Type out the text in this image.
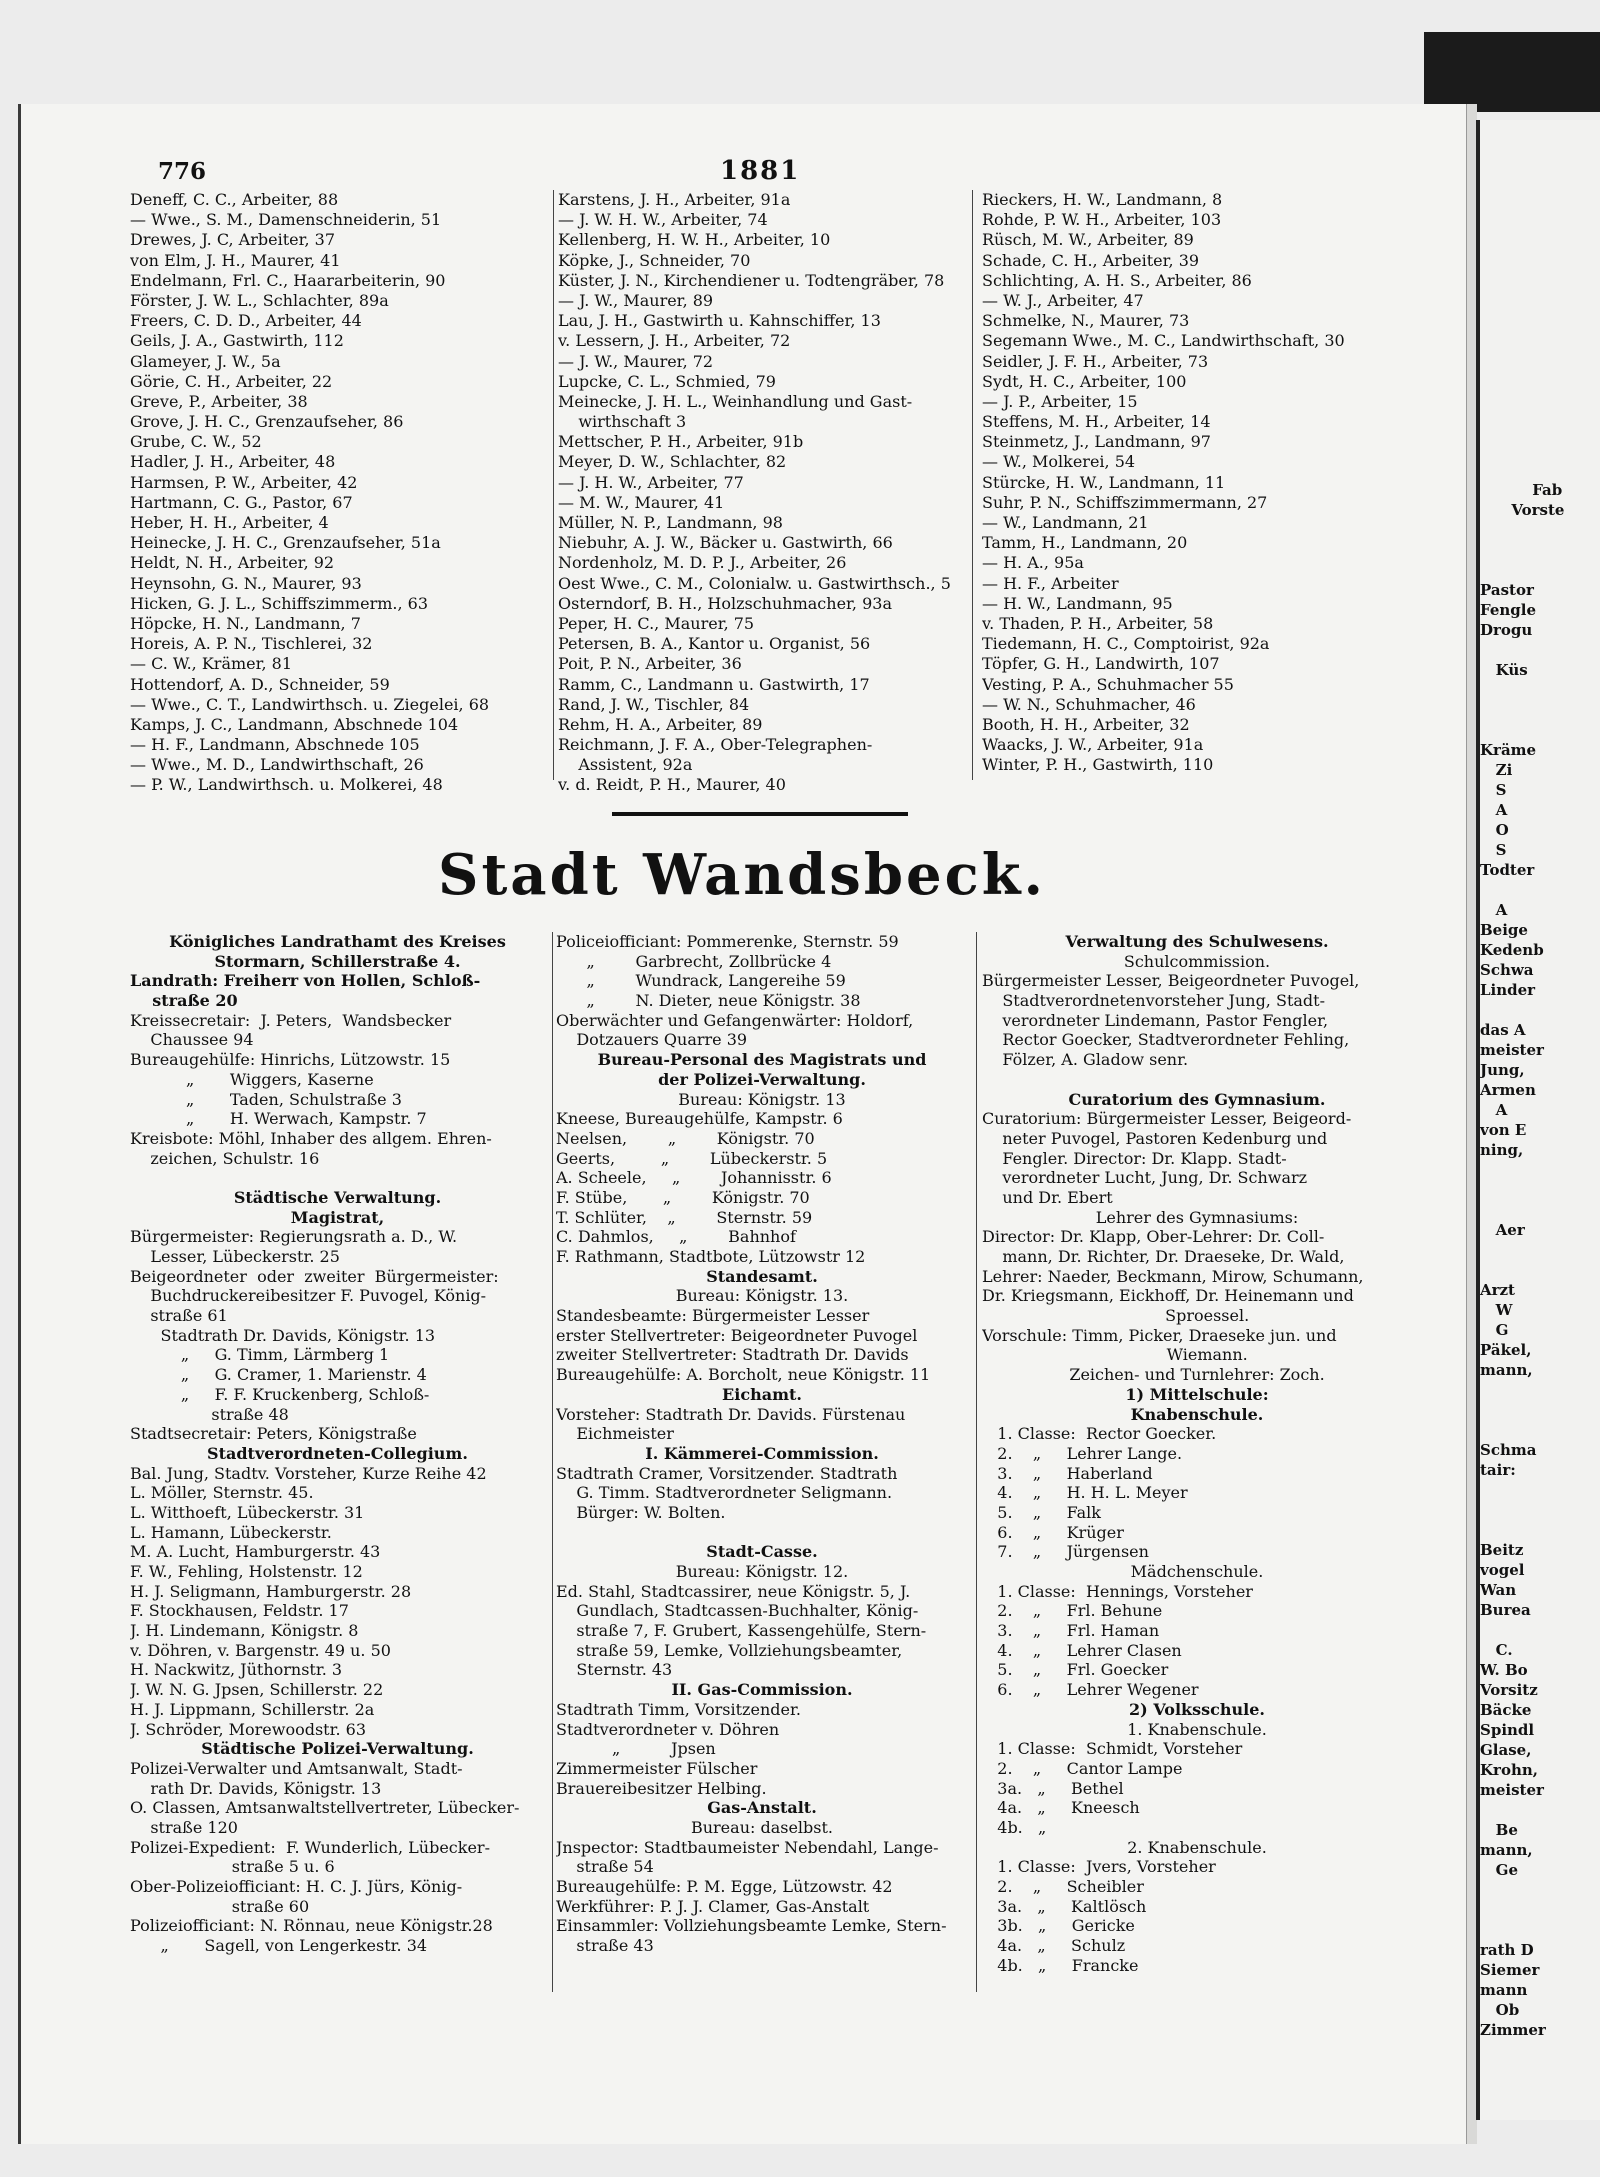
Fab
Vorste
Pastor
Fengle
Drogu
Küs
Kräme
Zi
S
A
O
S
Todter
A
Beige
Kedenb
Schwa
Linder

das A
meister
Jung,
Armen
A
von E
ning,
Aer
Arzt
W
G
Päkel,
mann,
Schma
tair:
Beitz
vogel
Wan
Burea
C.
W. Bo
Vorsitz
Bäcke
Spindl
Glase,
Krohn,
meister
Be
mann,
Ge
rath D
Siemer
mann
Ob
Zimmer
776	1881
Deneff, C. C., Arbeiter, 88
— Wwe., S. M., Damenschneiderin, 51
Drewes, J. C, Arbeiter, 37
von Elm, J. H., Maurer, 41
Endelmann, Frl. C., Haararbeiterin, 90
Förster, J. W. L., Schlachter, 89a
Freers, C. D. D., Arbeiter, 44
Geils, J. A., Gastwirth, 112
Glameyer, J. W., 5a
Görie, C. H., Arbeiter, 22
Greve, P., Arbeiter, 38
Grove, J. H. C., Grenzaufseher, 86
Grube, C. W., 52
Hadler, J. H., Arbeiter, 48
Harmsen, P. W., Arbeiter, 42
Hartmann, C. G., Pastor, 67
Heber, H. H., Arbeiter, 4
Heinecke, J. H. C., Grenzaufseher, 51a
Heldt, N. H., Arbeiter, 92
Heynsohn, G. N., Maurer, 93
Hicken, G. J. L., Schiffszimmerm., 63
Höpcke, H. N., Landmann, 7
Horeis, A. P. N., Tischlerei, 32
— C. W., Krämer, 81
Hottendorf, A. D., Schneider, 59
— Wwe., C. T., Landwirthsch. u. Ziegelei, 68
Kamps, J. C., Landmann, Abschnede 104
— H. F., Landmann, Abschnede 105
— Wwe., M. D., Landwirthschaft, 26
— P. W., Landwirthsch. u. Molkerei, 48
Karstens, J. H., Arbeiter, 91a
— J. W. H. W., Arbeiter, 74
Kellenberg, H. W. H., Arbeiter, 10
Köpke, J., Schneider, 70
Küster, J. N., Kirchendiener u. Todtengräber, 78
— J. W., Maurer, 89
Lau, J. H., Gastwirth u. Kahnschiffer, 13
v. Lessern, J. H., Arbeiter, 72
— J. W., Maurer, 72
Lupcke, C. L., Schmied, 79
Meinecke, J. H. L., Weinhandlung und Gast-
wirthschaft 3
Mettscher, P. H., Arbeiter, 91b
Meyer, D. W., Schlachter, 82
— J. H. W., Arbeiter, 77
— M. W., Maurer, 41
Müller, N. P., Landmann, 98
Niebuhr, A. J. W., Bäcker u. Gastwirth, 66
Nordenholz, M. D. P. J., Arbeiter, 26
Oest Wwe., C. M., Colonialw. u. Gastwirthsch., 5
Osterndorf, B. H., Holzschuhmacher, 93a
Peper, H. C., Maurer, 75
Petersen, B. A., Kantor u. Organist, 56
Poit, P. N., Arbeiter, 36
Ramm, C., Landmann u. Gastwirth, 17
Rand, J. W., Tischler, 84
Rehm, H. A., Arbeiter, 89
Reichmann, J. F. A., Ober-Telegraphen-
Assistent, 92a
v. d. Reidt, P. H., Maurer, 40
Rieckers, H. W., Landmann, 8
Rohde, P. W. H., Arbeiter, 103
Rüsch, M. W., Arbeiter, 89
Schade, C. H., Arbeiter, 39
Schlichting, A. H. S., Arbeiter, 86
— W. J., Arbeiter, 47
Schmelke, N., Maurer, 73
Segemann Wwe., M. C., Landwirthschaft, 30
Seidler, J. F. H., Arbeiter, 73
Sydt, H. C., Arbeiter, 100
— J. P., Arbeiter, 15
Steffens, M. H., Arbeiter, 14
Steinmetz, J., Landmann, 97
— W., Molkerei, 54
Stürcke, H. W., Landmann, 11
Suhr, P. N., Schiffszimmermann, 27
— W., Landmann, 21
Tamm, H., Landmann, 20
— H. A., 95a
— H. F., Arbeiter
— H. W., Landmann, 95
v. Thaden, P. H., Arbeiter, 58
Tiedemann, H. C., Comptoirist, 92a
Töpfer, G. H., Landwirth, 107
Vesting, P. A., Schuhmacher 55
— W. N., Schuhmacher, 46
Booth, H. H., Arbeiter, 32
Waacks, J. W., Arbeiter, 91a
Winter, P. H., Gastwirth, 110
Stadt Wandsbeck.
Königliches Landrathamt des Kreises
Stormarn, Schillerstraße 4.
Landrath: Freiherr von Hollen, Schloß-
straße 20
Kreissecretair:  J. Peters,  Wandsbecker
Chaussee 94
Bureaugehülfe: Hinrichs, Lützowstr. 15
„       Wiggers, Kaserne
„       Taden, Schulstraße 3
„       H. Werwach, Kampstr. 7
Kreisbote: Möhl, Inhaber des allgem. Ehren-
zeichen, Schulstr. 16
Städtische Verwaltung.
Magistrat,
Bürgermeister: Regierungsrath a. D., W.
Lesser, Lübeckerstr. 25
Beigeordneter  oder  zweiter  Bürgermeister:
Buchdruckereibesitzer F. Puvogel, König-
straße 61
Stadtrath Dr. Davids, Königstr. 13
„     G. Timm, Lärmberg 1
„     G. Cramer, 1. Marienstr. 4
„     F. F. Kruckenberg, Schloß-
straße 48
Stadtsecretair: Peters, Königstraße
Stadtverordneten-Collegium.
Bal. Jung, Stadtv. Vorsteher, Kurze Reihe 42
L. Möller, Sternstr. 45.
L. Witthoeft, Lübeckerstr. 31
L. Hamann, Lübeckerstr.
M. A. Lucht, Hamburgerstr. 43
F. W., Fehling, Holstenstr. 12
H. J. Seligmann, Hamburgerstr. 28
F. Stockhausen, Feldstr. 17
J. H. Lindemann, Königstr. 8
v. Döhren, v. Bargenstr. 49 u. 50
H. Nackwitz, Jüthornstr. 3
J. W. N. G. Jpsen, Schillerstr. 22
H. J. Lippmann, Schillerstr. 2a
J. Schröder, Morewoodstr. 63
Städtische Polizei-Verwaltung.
Polizei-Verwalter und Amtsanwalt, Stadt-
rath Dr. Davids, Königstr. 13
O. Classen, Amtsanwaltstellvertreter, Lübecker-
straße 120
Polizei-Expedient:  F. Wunderlich, Lübecker-
straße 5 u. 6
Ober-Polizeiofficiant: H. C. J. Jürs, König-
straße 60
Polizeiofficiant: N. Rönnau, neue Königstr.28
„       Sagell, von Lengerkestr. 34
Policeiofficiant: Pommerenke, Sternstr. 59
„        Garbrecht, Zollbrücke 4
„        Wundrack, Langereihe 59
„        N. Dieter, neue Königstr. 38
Oberwächter und Gefangenwärter: Holdorf,
Dotzauers Quarre 39
Bureau-Personal des Magistrats und
der Polizei-Verwaltung.
Bureau: Königstr. 13
Kneese, Bureaugehülfe, Kampstr. 6
Neelsen,        „        Königstr. 70
Geerts,         „        Lübeckerstr. 5
A. Scheele,     „        Johannisstr. 6
F. Stübe,       „        Königstr. 70
T. Schlüter,    „        Sternstr. 59
C. Dahmlos,     „        Bahnhof
F. Rathmann, Stadtbote, Lützowstr 12
Standesamt.
Bureau: Königstr. 13.
Standesbeamte: Bürgermeister Lesser
erster Stellvertreter: Beigeordneter Puvogel
zweiter Stellvertreter: Stadtrath Dr. Davids
Bureaugehülfe: A. Borcholt, neue Königstr. 11
Eichamt.
Vorsteher: Stadtrath Dr. Davids. Fürstenau
Eichmeister
I. Kämmerei-Commission.
Stadtrath Cramer, Vorsitzender. Stadtrath
G. Timm. Stadtverordneter Seligmann.
Bürger: W. Bolten.
Stadt-Casse.
Bureau: Königstr. 12.
Ed. Stahl, Stadtcassirer, neue Königstr. 5, J.
Gundlach, Stadtcassen-Buchhalter, König-
straße 7, F. Grubert, Kassengehülfe, Stern-
straße 59, Lemke, Vollziehungsbeamter,
Sternstr. 43
II. Gas-Commission.
Stadtrath Timm, Vorsitzender.
Stadtverordneter v. Döhren
„          Jpsen
Zimmermeister Fülscher
Brauereibesitzer Helbing.
Gas-Anstalt.
Bureau: daselbst.
Jnspector: Stadtbaumeister Nebendahl, Lange-
straße 54
Bureaugehülfe: P. M. Egge, Lützowstr. 42
Werkführer: P. J. J. Clamer, Gas-Anstalt
Einsammler: Vollziehungsbeamte Lemke, Stern-
straße 43
Verwaltung des Schulwesens.
Schulcommission.
Bürgermeister Lesser, Beigeordneter Puvogel,
Stadtverordnetenvorsteher Jung, Stadt-
verordneter Lindemann, Pastor Fengler,
Rector Goecker, Stadtverordneter Fehling,
Fölzer, A. Gladow senr.
Curatorium des Gymnasium.
Curatorium: Bürgermeister Lesser, Beigeord-
neter Puvogel, Pastoren Kedenburg und
Fengler. Director: Dr. Klapp. Stadt-
verordneter Lucht, Jung, Dr. Schwarz
und Dr. Ebert
Lehrer des Gymnasiums:
Director: Dr. Klapp, Ober-Lehrer: Dr. Coll-
mann, Dr. Richter, Dr. Draeseke, Dr. Wald,
Lehrer: Naeder, Beckmann, Mirow, Schumann,
Dr. Kriegsmann, Eickhoff, Dr. Heinemann und
Sproessel.
Vorschule: Timm, Picker, Draeseke jun. und
Wiemann.
Zeichen- und Turnlehrer: Zoch.
1) Mittelschule:
Knabenschule.
1. Classe:  Rector Goecker.
2.    „     Lehrer Lange.
3.    „     Haberland
4.    „     H. H. L. Meyer
5.    „     Falk
6.    „     Krüger
7.    „     Jürgensen
Mädchenschule.
1. Classe:  Hennings, Vorsteher
2.    „     Frl. Behune
3.    „     Frl. Haman
4.    „     Lehrer Clasen
5.    „     Frl. Goecker
6.    „     Lehrer Wegener
2) Volksschule.
1. Knabenschule.
1. Classe:  Schmidt, Vorsteher
2.    „     Cantor Lampe
3a.   „     Bethel
4a.   „     Kneesch
4b.   „
2. Knabenschule.
1. Classe:  Jvers, Vorsteher
2.    „     Scheibler
3a.   „     Kaltlösch
3b.   „     Gericke
4a.   „     Schulz
4b.   „     Francke
